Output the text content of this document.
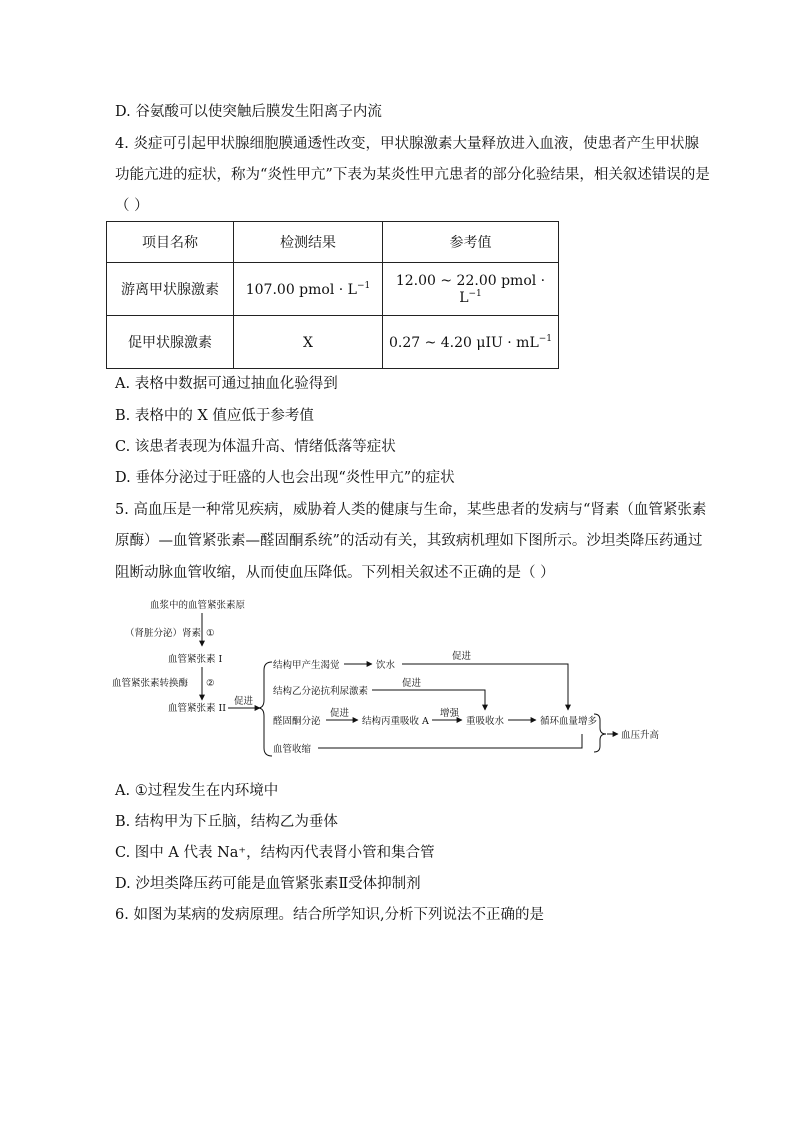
D. 谷氨酸可以使突触后膜发生阳离子内流
4. 炎症可引起甲状腺细胞膜通透性改变，甲状腺激素大量释放进入血液，使患者产生甲状腺
功能亢进的症状，称为“炎性甲亢”下表为某炎性甲亢患者的部分化验结果，相关叙述错误的是
（ ）
项目名称	检测结果	参考值
游离甲状腺激素	107.00 pmol · $L^{-1}$	12.00 ~ 22.00 pmol · $L^{-1}$
促甲状腺激素	X	0.27 ~ 4.20 $\mu IU \cdot mL^{-1}$
A. 表格中数据可通过抽血化验得到
B. 表格中的 X 值应低于参考值
C. 该患者表现为体温升高、情绪低落等症状
D. 垂体分泌过于旺盛的人也会出现“炎性甲亢”的症状
5. 高血压是一种常见疾病，威胁着人类的健康与生命，某些患者的发病与“肾素（血管紧张素
原酶）—血管紧张素—醛固酮系统”的活动有关，其致病机理如下图所示。沙坦类降压药通过
阻断动脉血管收缩，从而使血压降低。下列相关叙述不正确的是（ ）
血浆中的血管紧张素原
（肾脏分泌）肾素 ①
血管紧张素 I
血管紧张素转换酶 ②
血管紧张素 II
促进
结构甲产生渴觉	饮水
促进
结构乙分泌抗利尿激素
促进
醛固酮分泌
促进
结构丙重吸收 A
增强
重吸收水	循环血量增多
血管收缩
血压升高
A. ①过程发生在内环境中
B. 结构甲为下丘脑，结构乙为垂体
C. 图中 A 代表 Na⁺，结构丙代表肾小管和集合管
D. 沙坦类降压药可能是血管紧张素Ⅱ受体抑制剂
6. 如图为某病的发病原理。结合所学知识,分析下列说法不正确的是
